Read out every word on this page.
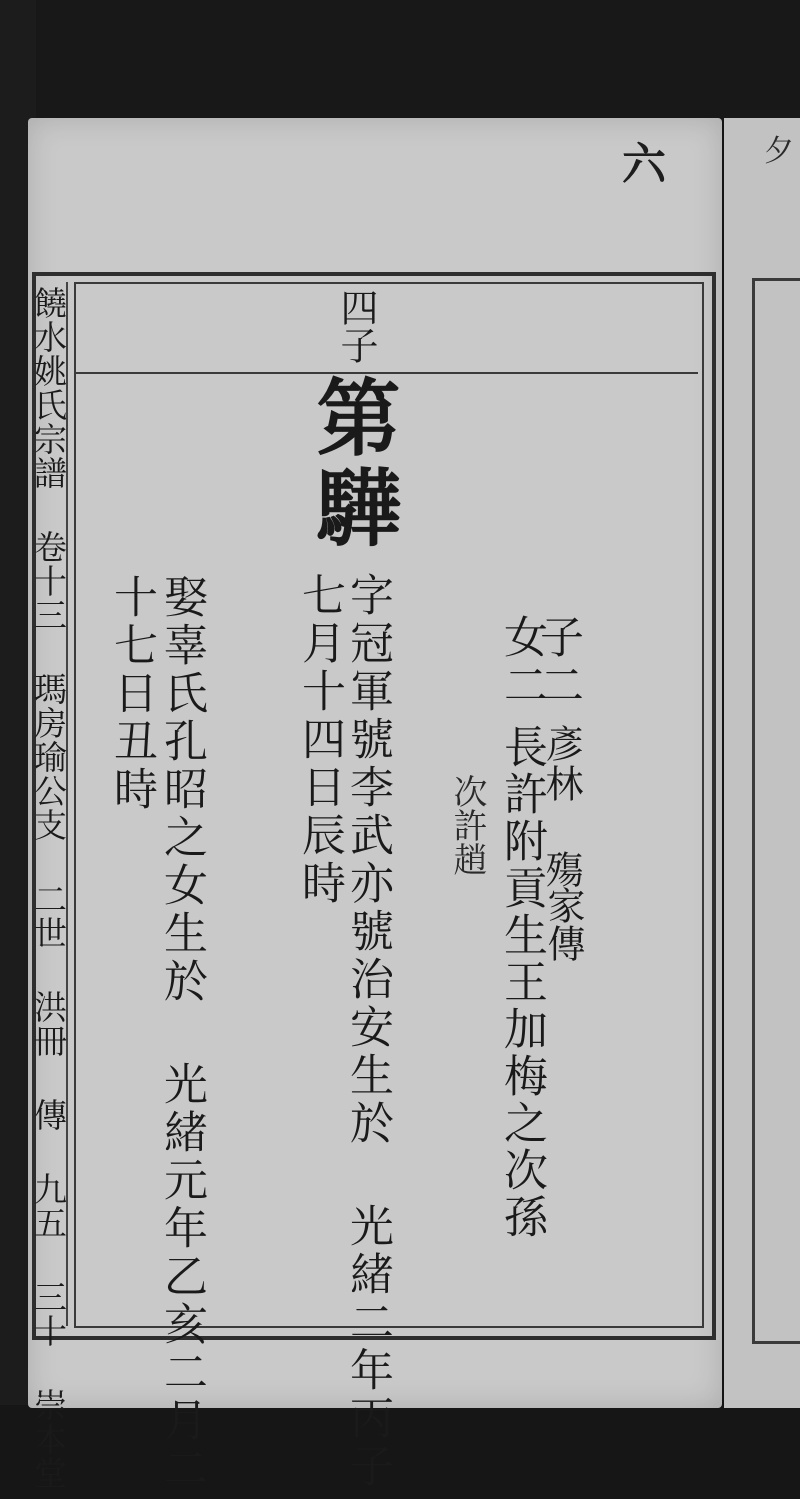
夕
六

饒水姚氏宗譜 卷十三 瑪房瑜公支 二世 洪冊 傳 九五 三十 崇本堂	四子
第驊
子二
彥林 殤
家傳
女二
長許附貢生王加梅之次孫
次許趙
字冠軍號李武亦號治安生於 光緒二年丙子
七月十四日辰時
娶辜氏孔昭之女生於 光緒元年乙亥二月二
十七日丑時
